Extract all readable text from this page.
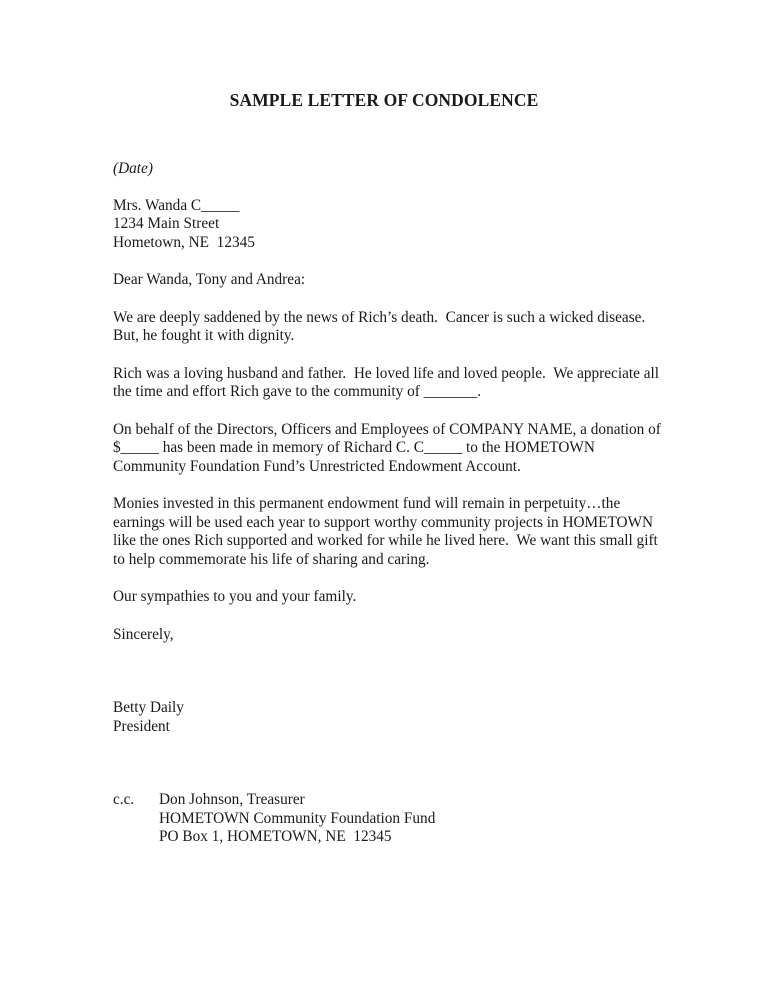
SAMPLE LETTER OF CONDOLENCE
(Date)
Mrs. Wanda C_____
1234 Main Street
Hometown, NE  12345
Dear Wanda, Tony and Andrea:
We are deeply saddened by the news of Rich’s death.  Cancer is such a wicked disease.
But, he fought it with dignity.
Rich was a loving husband and father.  He loved life and loved people.  We appreciate all
the time and effort Rich gave to the community of _______.
On behalf of the Directors, Officers and Employees of COMPANY NAME, a donation of
$_____ has been made in memory of Richard C. C_____ to the HOMETOWN
Community Foundation Fund’s Unrestricted Endowment Account.
Monies invested in this permanent endowment fund will remain in perpetuity…the
earnings will be used each year to support worthy community projects in HOMETOWN
like the ones Rich supported and worked for while he lived here.  We want this small gift
to help commemorate his life of sharing and caring.
Our sympathies to you and your family.
Sincerely,
Betty Daily
President
c.c.	Don Johnson, Treasurer
HOMETOWN Community Foundation Fund
PO Box 1, HOMETOWN, NE  12345
